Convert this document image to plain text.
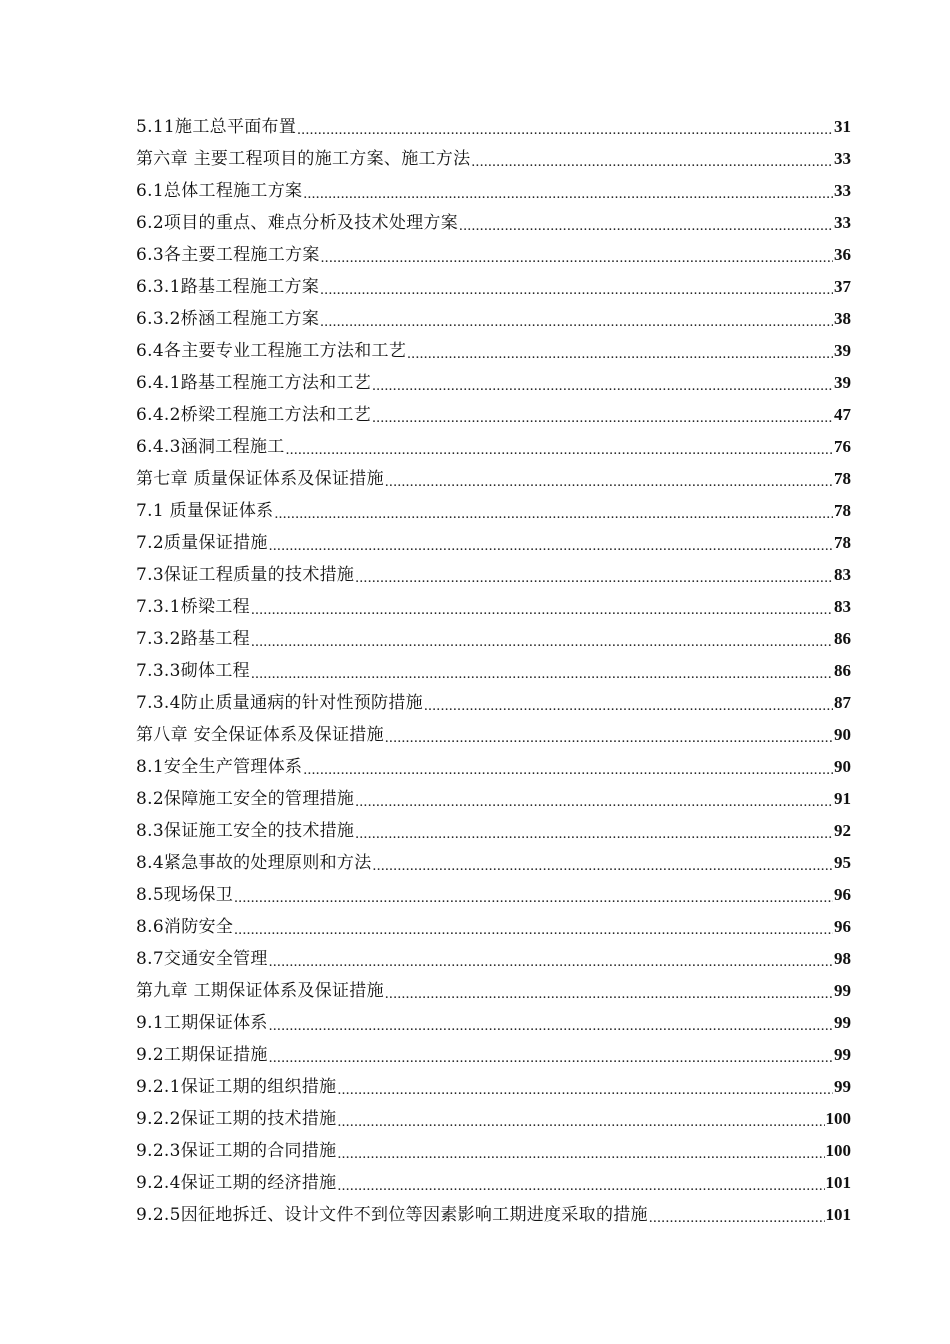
5.11施工总平面布置 .....	31
第六章 主要工程项目的施工方案、施工方法 .....	33
6.1总体工程施工方案 .....	33
6.2项目的重点、难点分析及技术处理方案 .....	33
6.3各主要工程施工方案 .....	36
6.3.1路基工程施工方案 .....	37
6.3.2桥涵工程施工方案 .....	38
6.4各主要专业工程施工方法和工艺 .....	39
6.4.1路基工程施工方法和工艺 .....	39
6.4.2桥梁工程施工方法和工艺 .....	47
6.4.3涵洞工程施工 .....	76
第七章 质量保证体系及保证措施 .....	78
7.1 质量保证体系 .....	78
7.2质量保证措施 .....	78
7.3保证工程质量的技术措施 .....	83
7.3.1桥梁工程 .....	83
7.3.2路基工程 .....	86
7.3.3砌体工程 .....	86
7.3.4防止质量通病的针对性预防措施 .....	87
第八章 安全保证体系及保证措施 .....	90
8.1安全生产管理体系 .....	90
8.2保障施工安全的管理措施 .....	91
8.3保证施工安全的技术措施 .....	92
8.4紧急事故的处理原则和方法 .....	95
8.5现场保卫 .....	96
8.6消防安全 .....	96
8.7交通安全管理 .....	98
第九章 工期保证体系及保证措施 .....	99
9.1工期保证体系 .....	99
9.2工期保证措施 .....	99
9.2.1保证工期的组织措施 .....	99
9.2.2保证工期的技术措施 .....	100
9.2.3保证工期的合同措施 .....	100
9.2.4保证工期的经济措施 .....	101
9.2.5因征地拆迁、设计文件不到位等因素影响工期进度采取的措施 .....	101
